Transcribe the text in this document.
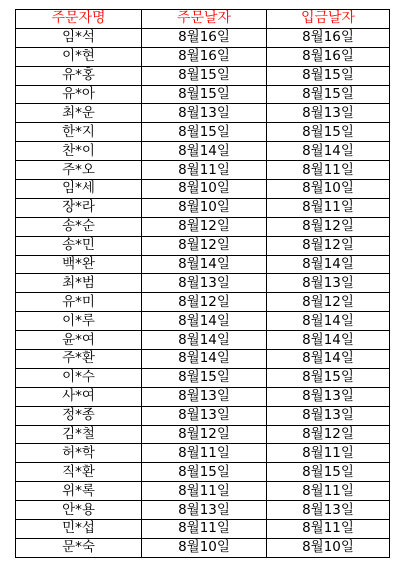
주문자명	주문날자	입금날자
임*석	8월16일	8월16일
이*현	8월16일	8월16일
유*홍	8월15일	8월15일
유*아	8월15일	8월15일
최*운	8월13일	8월13일
한*지	8월15일	8월15일
찬*이	8월14일	8월14일
주*오	8월11일	8월11일
임*세	8월10일	8월10일
장*라	8월10일	8월11일
송*순	8월12일	8월12일
송*민	8월12일	8월12일
백*완	8월14일	8월14일
최*범	8월13일	8월13일
유*미	8월12일	8월12일
이*루	8월14일	8월14일
윤*여	8월14일	8월14일
주*환	8월14일	8월14일
이*수	8월15일	8월15일
사*여	8월13일	8월13일
정*종	8월13일	8월13일
김*철	8월12일	8월12일
허*학	8월11일	8월11일
직*환	8월15일	8월15일
위*록	8월11일	8월11일
안*용	8월13일	8월13일
민*섭	8월11일	8월11일
문*숙	8월10일	8월10일
